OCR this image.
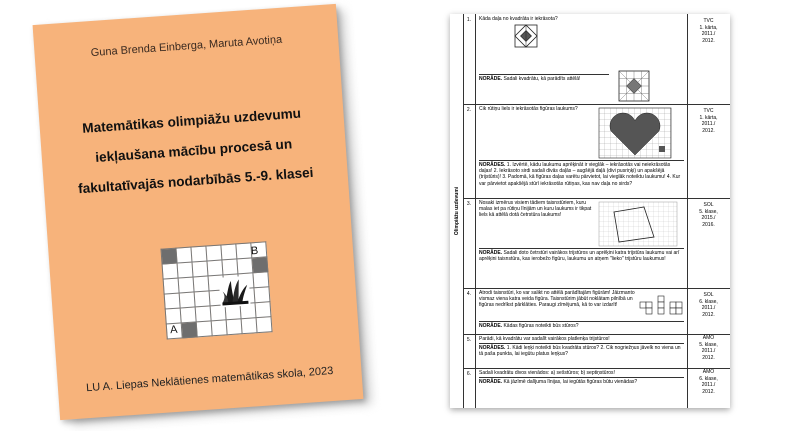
Guna Brenda Einberga, Maruta Avotiņa
Matemātikas olimpiāžu uzdevumu
iekļaušana mācību procesā un
fakultatīvajās nodarbībās 5.-9. klasei

B
A
LU A. Liepas Neklātienes matemātikas skola, 2023
Olimpiāžu uzdevumi
1.	Kāda daļa no kvadrāta ir iekrāsota?
NORĀDE. Sadali kvadrātu, kā parādīts attēlā!
TVC
1. kārta,
2011./
2012.
2.	Cik rūtiņu liels ir iekrāsotās figūras laukums?
NORĀDES. 1. Izvērtē, kādu laukumu aprēķināt ir vieglāk – iekrāsotās vai neiekrāsotās daļas! 2. Iekrāsoto sirdi sadali divās daļās – augšējā daļā (divi pusriņķi) un apakšējā (trijstūris)! 3. Padomā, kā figūras daļas varētu pārvietot, lai vieglāk noteiktu laukumu! 4. Kur var pārvietot apakšējā stūrī iekrāsotās rūtiņas, kas nav daļa no sirds?
TVC
1. kārta,
2011./
2012.
3.	Nosaki izmērus visiem tādiem taisnstūriem, kuru malas iet pa rūtiņu līnijām un kuru laukums ir tikpat liels kā attēlā dotā četrstūra laukums!
NORĀDE. Sadali doto četrstūri vairākos trijstūros un aprēķini katra trijstūra laukumu vai arī aprēķini taisnstūra, kas ierobežo figūru, laukumu un atņem "lieko" trijstūru laukumus!
SOL
5. klase,
2015./
2016.
4.	Atrodi taisnstūri, ko var salikt no attēlā parādītajām figūrām! Jāizmanto vismaz viena katra veida figūra. Taisnstūrim jābūt noklātam pilnībā un figūras nedrīkst pārklāties. Paraugi zīmējumā, kā to var izdarīt!
NORĀDE. Kādas figūras noteikti būs stūros?
SOL
6. klase,
2011./
2012.
5.	Parādi, kā kvadrātu var sadalīt vairākos platlenķa trijstūros!
NORĀDES. 1. Kādi leņķi noteikti būs kvadrāta stūros? 2. Cik nogriežņus jāvelk no viena un tā paša punkta, lai iegūtu platus leņķus?
AMO
5. klase,
2011./
2012.
6.	Sadali kvadrātu divos vienādos: a) sešstūros; b) septiņstūros!
NORĀDE. Kā jāzīmē dalījuma līnijas, lai iegūtās figūras būtu vienādas?
AMO
6. klase,
2011./
2012.
